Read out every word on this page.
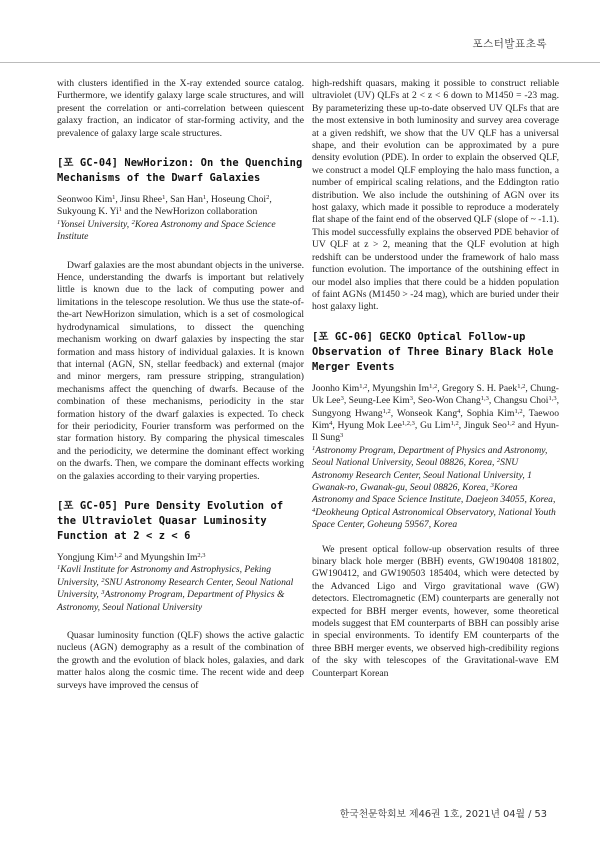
포스터발표초록

with clusters identified in the X-ray extended source catalog. Furthermore, we identify galaxy large scale structures, and will present the correlation or anti-correlation between quiescent galaxy fraction, an indicator of star-forming activity, and the prevalence of galaxy large scale structures.

[포 GC-04] NewHorizon: On the Quenching Mechanisms of the Dwarf Galaxies
Seonwoo Kim$^1$, Jinsu Rhee$^1$, San Han$^1$, Hoseung Choi$^2$, Sukyoung K. Yi$^1$ and the NewHorizon collaboration
$^1$Yonsei University, $^2$Korea Astronomy and Space Science Institute

Dwarf galaxies are the most abundant objects in the universe. Hence, understanding the dwarfs is important but relatively little is known due to the lack of computing power and limitations in the telescope resolution. We thus use the state-of-the-art NewHorizon simulation, which is a set of cosmological hydrodynamical simulations, to dissect the quenching mechanism working on dwarf galaxies by inspecting the star formation and mass history of individual galaxies. It is known that internal (AGN, SN, stellar feedback) and external (major and minor mergers, ram pressure stripping, strangulation) mechanisms affect the quenching of dwarfs. Because of the combination of these mechanisms, periodicity in the star formation history of the dwarf galaxies is expected. To check for their periodicity, Fourier transform was performed on the star formation history. By comparing the physical timescales and the periodicity, we determine the dominant effect working on the dwarfs. Then, we compare the dominant effects working on the galaxies according to their varying properties.

[포 GC-05] Pure Density Evolution of the Ultraviolet Quasar Luminosity Function at 2 < z < 6
Yongjung Kim$^{1,2}$ and Myungshin Im$^{2,3}$
$^1$Kavli Institute for Astronomy and Astrophysics, Peking University, $^2$SNU Astronomy Research Center, Seoul National University, $^3$Astronomy Program, Department of Physics & Astronomy, Seoul National University

Quasar luminosity function (QLF) shows the active galactic nucleus (AGN) demography as a result of the combination of the growth and the evolution of black holes, galaxies, and dark matter halos along the cosmic time. The recent wide and deep surveys have improved the census of

high-redshift quasars, making it possible to construct reliable ultraviolet (UV) QLFs at 2 < z < 6 down to M1450 = -23 mag. By parameterizing these up-to-date observed UV QLFs that are the most extensive in both luminosity and survey area coverage at a given redshift, we show that the UV QLF has a universal shape, and their evolution can be approximated by a pure density evolution (PDE). In order to explain the observed QLF, we construct a model QLF employing the halo mass function, a number of empirical scaling relations, and the Eddington ratio distribution. We also include the outshining of AGN over its host galaxy, which made it possible to reproduce a moderately flat shape of the faint end of the observed QLF (slope of ~ -1.1). This model successfully explains the observed PDE behavior of UV QLF at z > 2, meaning that the QLF evolution at high redshift can be understood under the framework of halo mass function evolution. The importance of the outshining effect in our model also implies that there could be a hidden population of faint AGNs (M1450 > -24 mag), which are buried under their host galaxy light.

[포 GC-06] GECKO Optical Follow-up Observation of Three Binary Black Hole Merger Events
Joonho Kim$^{1,2}$, Myungshin Im$^{1,2}$, Gregory S. H. Paek$^{1,2}$, Chung-Uk Lee$^3$, Seung-Lee Kim$^3$, Seo-Won Chang$^{1,3}$, Changsu Choi$^{1,3}$, Sungyong Hwang$^{1,2}$, Wonseok Kang$^4$, Sophia Kim$^{1,2}$, Taewoo Kim$^4$, Hyung Mok Lee$^{1,2,3}$, Gu Lim$^{1,2}$, Jinguk Seo$^{1,2}$ and Hyun-Il Sung$^3$
$^1$Astronomy Program, Department of Physics and Astronomy, Seoul National University, Seoul 08826, Korea, $^2$SNU Astronomy Research Center, Seoul National University, 1 Gwanak-ro, Gwanak-gu, Seoul 08826, Korea, $^3$Korea Astronomy and Space Science Institute, Daejeon 34055, Korea, $^4$Deokheung Optical Astronomical Observatory, National Youth Space Center, Goheung 59567, Korea

We present optical follow-up observation results of three binary black hole merger (BBH) events, GW190408 181802, GW190412, and GW190503 185404, which were detected by the Advanced Ligo and Virgo gravitational wave (GW) detectors. Electromagnetic (EM) counterparts are generally not expected for BBH merger events, however, some theoretical models suggest that EM counterparts of BBH can possibly arise in special environments. To identify EM counterparts of the three BBH merger events, we observed high-credibility regions of the sky with telescopes of the Gravitational-wave EM Counterpart Korean

한국천문학회보 제46권 1호, 2021년 04월 / 53
